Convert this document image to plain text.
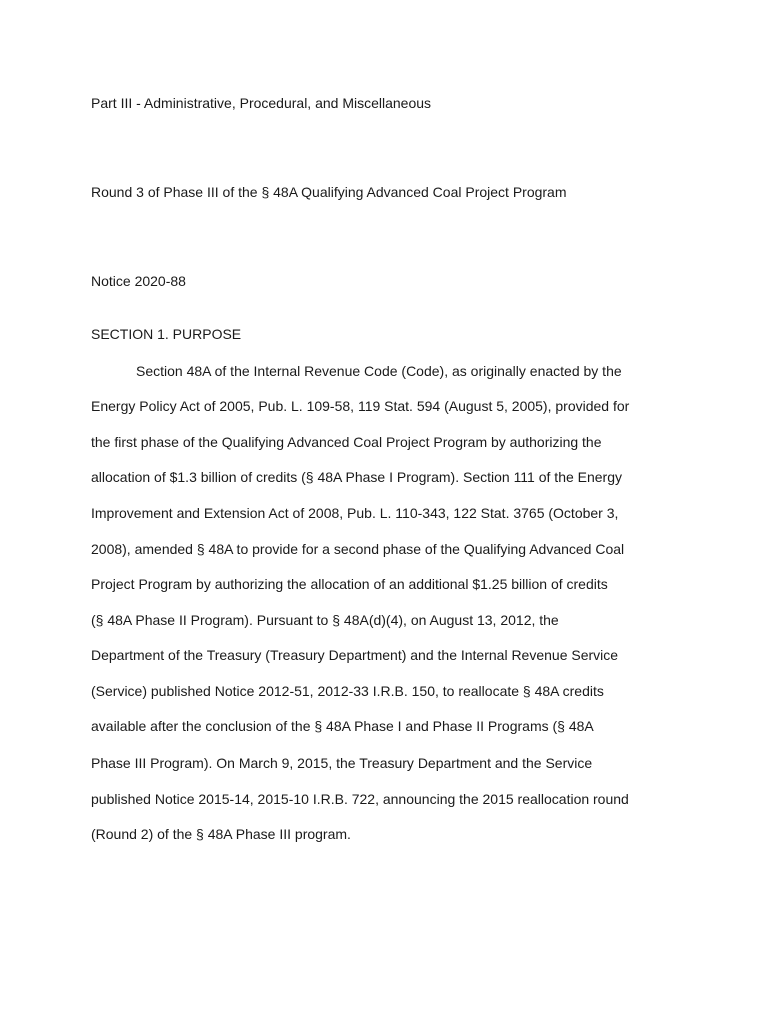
Part III - Administrative, Procedural, and Miscellaneous

Round 3 of Phase III of the § 48A Qualifying Advanced Coal Project Program

Notice 2020-88

SECTION 1. PURPOSE

Section 48A of the Internal Revenue Code (Code), as originally enacted by the

Energy Policy Act of 2005, Pub. L. 109-58, 119 Stat. 594 (August 5, 2005), provided for

the first phase of the Qualifying Advanced Coal Project Program by authorizing the

allocation of $1.3 billion of credits (§ 48A Phase I Program). Section 111 of the Energy

Improvement and Extension Act of 2008, Pub. L. 110-343, 122 Stat. 3765 (October 3,

2008), amended § 48A to provide for a second phase of the Qualifying Advanced Coal

Project Program by authorizing the allocation of an additional $1.25 billion of credits

(§ 48A Phase II Program). Pursuant to § 48A(d)(4), on August 13, 2012, the

Department of the Treasury (Treasury Department) and the Internal Revenue Service

(Service) published Notice 2012-51, 2012-33 I.R.B. 150, to reallocate § 48A credits

available after the conclusion of the § 48A Phase I and Phase II Programs (§ 48A

Phase III Program). On March 9, 2015, the Treasury Department and the Service

published Notice 2015-14, 2015-10 I.R.B. 722, announcing the 2015 reallocation round

(Round 2) of the § 48A Phase III program.
